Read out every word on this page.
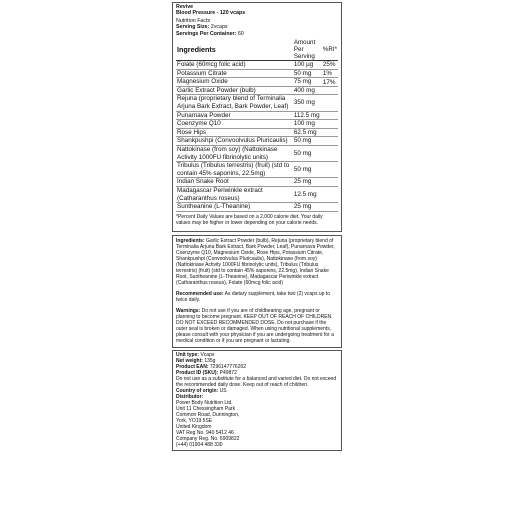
Revive
Blood Pressure - 120 vcaps
Nutrition Facts
Serving Size: 2vcaps
Servings Per Container: 60
Ingredients	Amount Per Serving	%RI*
Folate (60mcg folic acid)	100 µg	25%
Potassium Citrate	50 mg	1%
Magnesium Oxide	75 mg	17%
Garlic Extract Powder (bulb)	400 mg	
Rejuna (proprietary blend of Terminalia Arjuna Bark Extract, Bark Powder, Leaf)	350 mg	
Punarnava Powder	112.5 mg	
Coenzyme Q10	100 mg	
Rose Hips	62.5 mg	
Shankpushpi (Convoolvulus Pluricaulis)	50 mg	
Nattokinase (from soy) (Nattokinase Activity 1000FU fibrinolytic units)	50 mg	
Tribulus (Tribulus terrestris) (fruit) (std to contain 45% saponins, 22.5mg)	50 mg	
Indian Snake Root	25 mg	
Madagascar Periwinkle extract (Catharanthus roseus)	12.5 mg	
Suntheanine (L-Theanine)	25 mg	
*Percent Daily Values are based on a 2,000 calorie diet. Your daily values may be higher or lower depending on your calorie needs.
Ingredients: Garlic Extract Powder (bulb), Rejuna (proprietary blend of Terminalia Arjuna Bark Extract, Bark Powder, Leaf), Punarnava Powder, Coenzyme Q10, Magnesium Oxide, Rose Hips, Potassium Citrate, Shankpushpi (Convoolvulus Pluricaulis), Nattokinase (from soy) (Nattokinase Activity 1000FU fibrinolytic units), Tribulus (Tribulus terrestris) (fruit) (std to contain 45% saponins, 22.5mg), Indian Snake Root, Suntheanine (L-Theanine), Madagascar Periwinkle extract (Catharanthus roseus), Folate (60mcg folic acid)
Recommended use: As dietary supplement, take two (2) vcaps up to twice daily.
Warnings: Do not use if you are of childbearing age, pregnant or planning to become pregnant. KEEP OUT OF REACH OF CHILDREN. DO NOT EXCEED RECOMMENDED DOSE. Do not purchase if the outer seal is broken or damaged. When using nutritional supplements, please consult with your physician if you are undergoing treatment for a medical condition or if you are pregnant or lactating.
Unit type: Vcaps
Net weight: 135g
Product EAN: 7296147776202
Product ID (SKU): P49872
Do not use as a substitute for a balanced and varied diet. Do not exceed the recommended daily dose. Keep out of reach of children.
Country of origin: US
Distributor:
Power Body Nutrition Ltd.
Unit 11 Chessingham Park
Common Road, Dunnington,
York, YO19 5SE
United Kingdom
VAT Reg No. 940 5412 46
Company Reg. No. 6909822
(+44) 01904 488 330
